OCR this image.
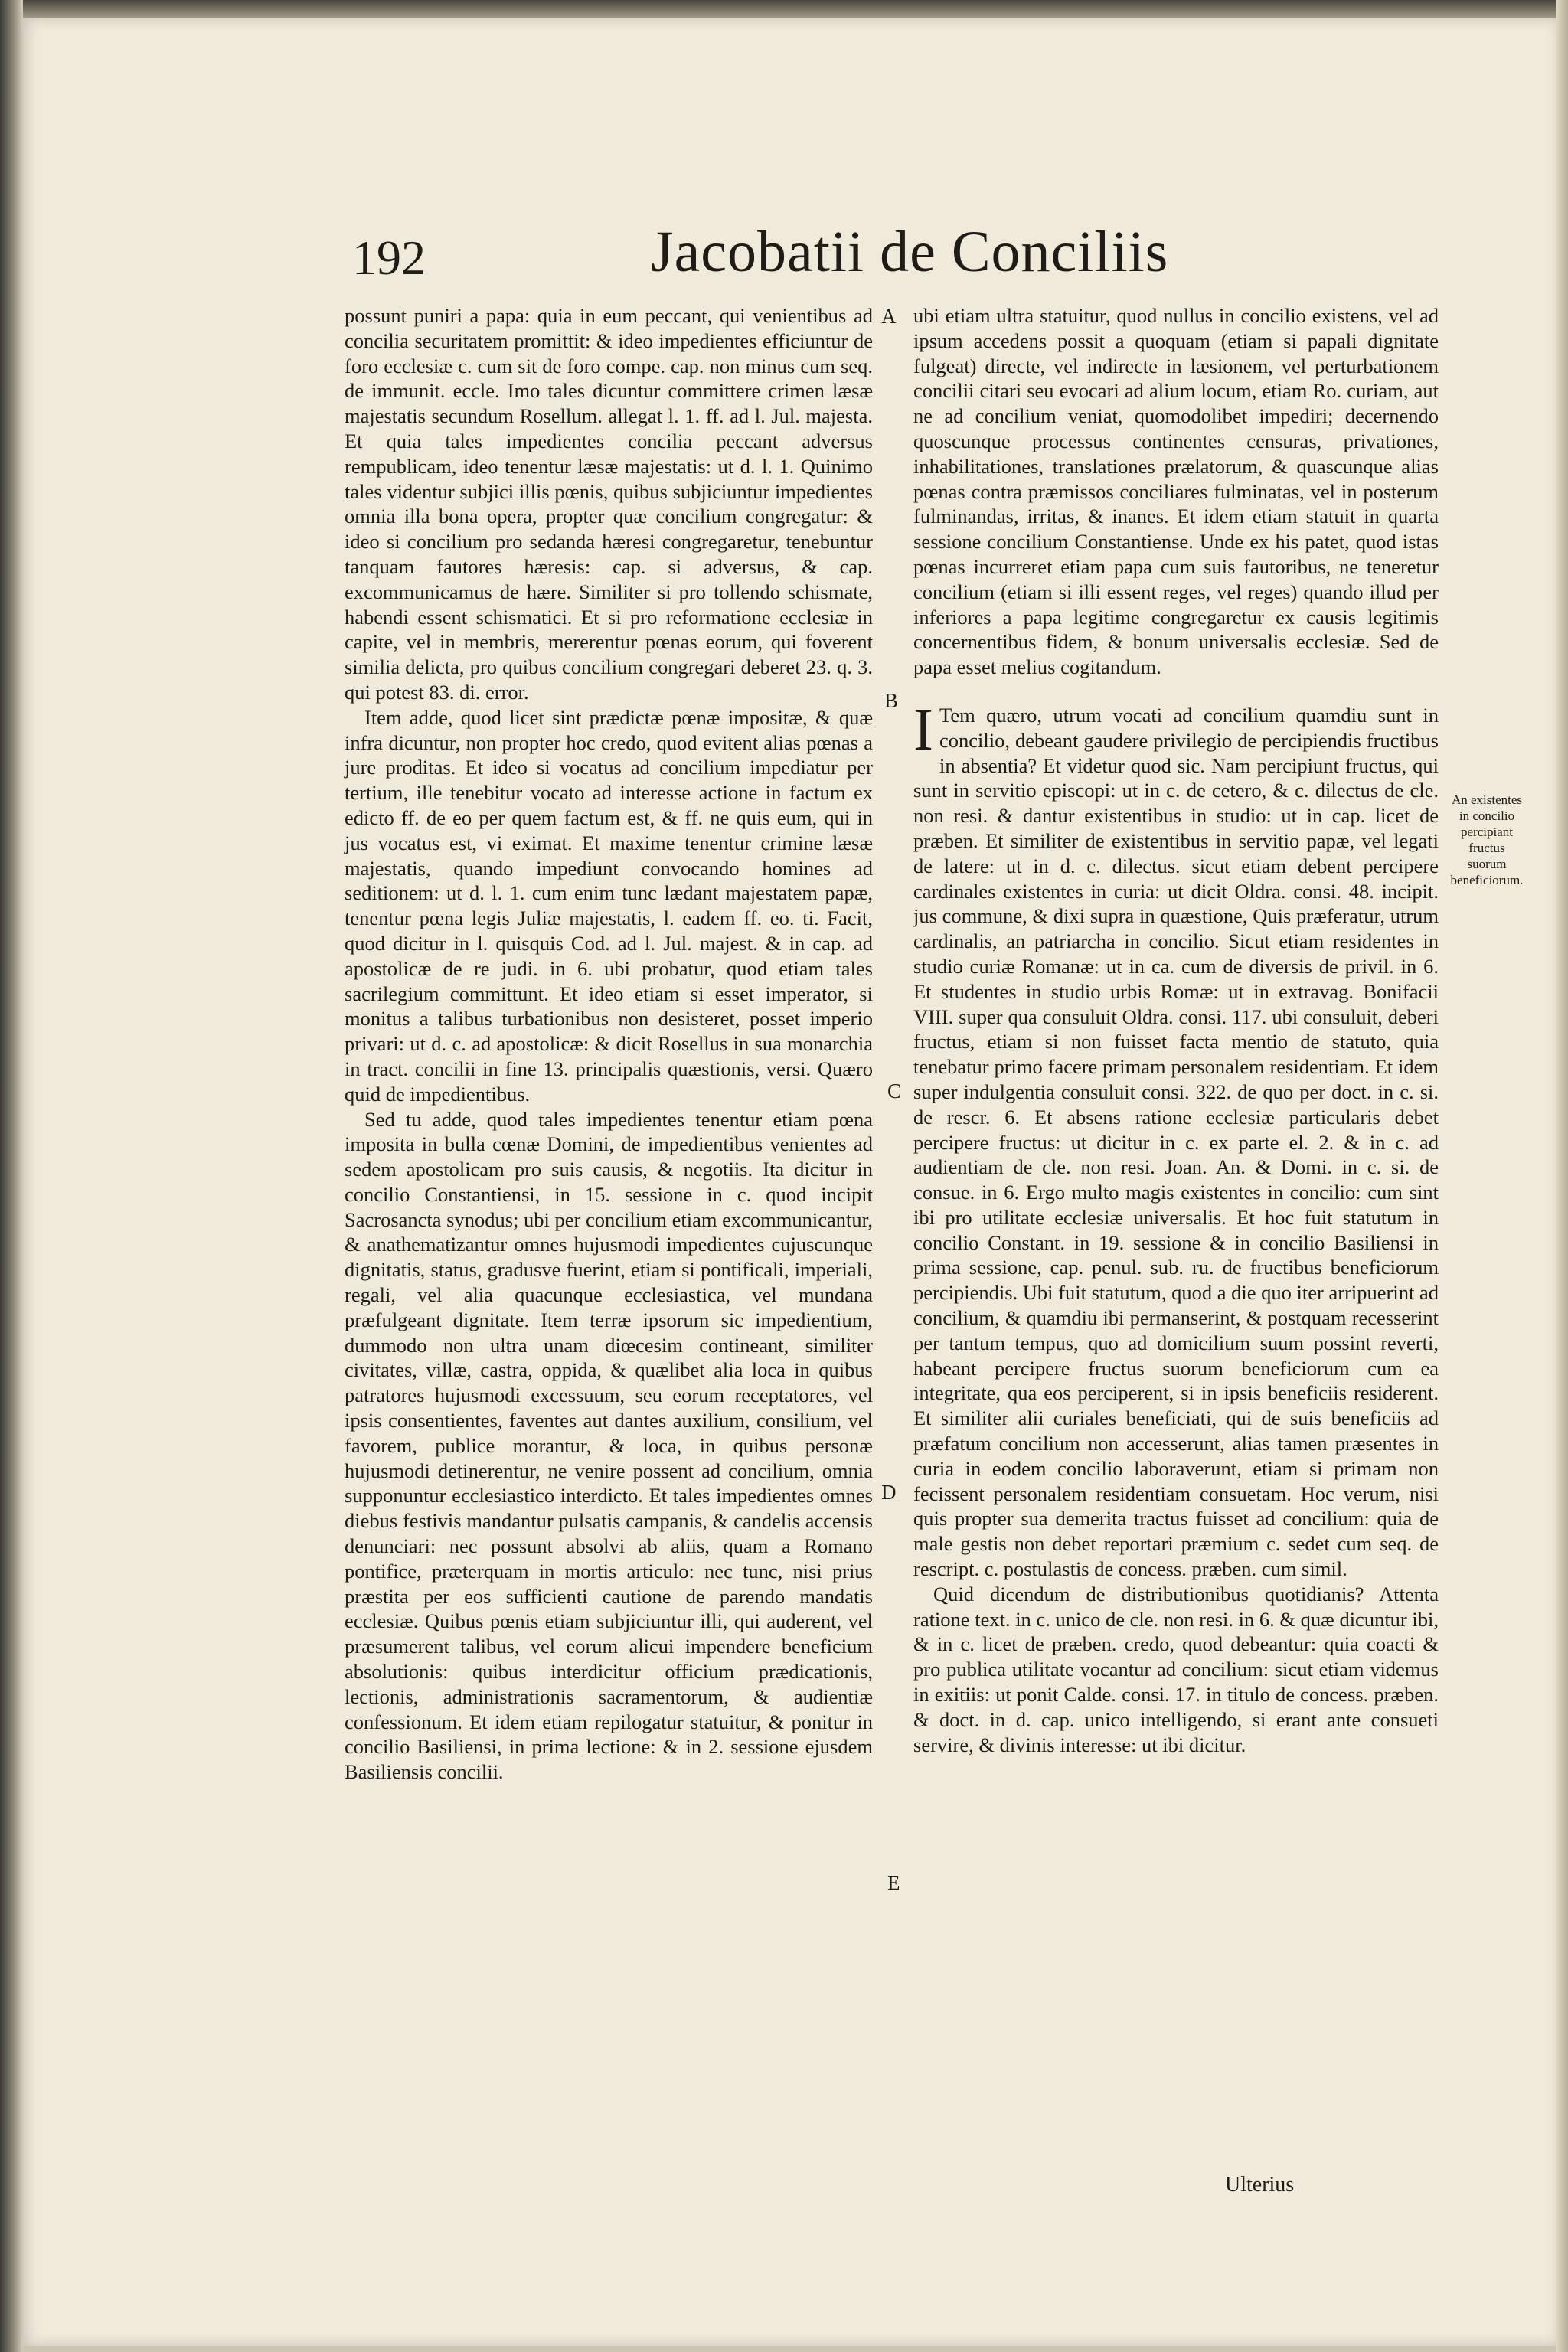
192	Jacobatii de Conciliis

possunt puniri a papa: quia in eum peccant, qui venientibus ad concilia securitatem promittit: & ideo impedientes efficiuntur de foro ecclesiæ c. cum sit de foro compe. cap. non minus cum seq. de immunit. eccle. Imo tales dicuntur committere crimen læsæ majestatis secundum Rosellum. allegat l. 1. ff. ad l. Jul. majesta. Et quia tales impedientes concilia peccant adversus rempublicam, ideo tenentur læsæ majestatis: ut d. l. 1. Quinimo tales videntur subjici illis pœnis, quibus subjiciuntur impedientes omnia illa bona opera, propter quæ concilium congregatur: & ideo si concilium pro sedanda hæresi congregaretur, tenebuntur tanquam fautores hæresis: cap. si adversus, & cap. excommunicamus de hære. Similiter si pro tollendo schismate, habendi essent schismatici. Et si pro reformatione ecclesiæ in capite, vel in membris, mererentur pœnas eorum, qui foverent similia delicta, pro quibus concilium congregari deberet 23. q. 3. qui potest 83. di. error.

Item adde, quod licet sint prædictæ pœnæ impositæ, & quæ infra dicuntur, non propter hoc credo, quod evitent alias pœnas a jure proditas. Et ideo si vocatus ad concilium impediatur per tertium, ille tenebitur vocato ad interesse actione in factum ex edicto ff. de eo per quem factum est, & ff. ne quis eum, qui in jus vocatus est, vi eximat. Et maxime tenentur crimine læsæ majestatis, quando impediunt convocando homines ad seditionem: ut d. l. 1. cum enim tunc lædant majestatem papæ, tenentur pœna legis Juliæ majestatis, l. eadem ff. eo. ti. Facit, quod dicitur in l. quisquis Cod. ad l. Jul. majest. & in cap. ad apostolicæ de re judi. in 6. ubi probatur, quod etiam tales sacrilegium committunt. Et ideo etiam si esset imperator, si monitus a talibus turbationibus non desisteret, posset imperio privari: ut d. c. ad apostolicæ: & dicit Rosellus in sua monarchia in tract. concilii in fine 13. principalis quæstionis, versi. Quæro quid de impedientibus.

Sed tu adde, quod tales impedientes tenentur etiam pœna imposita in bulla cœnæ Domini, de impedientibus venientes ad sedem apostolicam pro suis causis, & negotiis. Ita dicitur in concilio Constantiensi, in 15. sessione in c. quod incipit Sacrosancta synodus; ubi per concilium etiam excommunicantur, & anathematizantur omnes hujusmodi impedientes cujuscunque dignitatis, status, gradusve fuerint, etiam si pontificali, imperiali, regali, vel alia quacunque ecclesiastica, vel mundana præfulgeant dignitate. Item terræ ipsorum sic impedientium, dummodo non ultra unam diœcesim contineant, similiter civitates, villæ, castra, oppida, & quælibet alia loca in quibus patratores hujusmodi excessuum, seu eorum receptatores, vel ipsis consentientes, faventes aut dantes auxilium, consilium, vel favorem, publice morantur, & loca, in quibus personæ hujusmodi detinerentur, ne venire possent ad concilium, omnia supponuntur ecclesiastico interdicto. Et tales impedientes omnes diebus festivis mandantur pulsatis campanis, & candelis accensis denunciari: nec possunt absolvi ab aliis, quam a Romano pontifice, præterquam in mortis articulo: nec tunc, nisi prius præstita per eos sufficienti cautione de parendo mandatis ecclesiæ. Quibus pœnis etiam subjiciuntur illi, qui auderent, vel præsumerent talibus, vel eorum alicui impendere beneficium absolutionis: quibus interdicitur officium prædicationis, lectionis, administrationis sacramentorum, & audientiæ confessionum. Et idem etiam repilogatur statuitur, & ponitur in concilio Basiliensi, in prima lectione: & in 2. sessione ejusdem Basiliensis concilii.

A
B
C
D
E

ubi etiam ultra statuitur, quod nullus in concilio existens, vel ad ipsum accedens possit a quoquam (etiam si papali dignitate fulgeat) directe, vel indirecte in læsionem, vel perturbationem concilii citari seu evocari ad alium locum, etiam Ro. curiam, aut ne ad concilium veniat, quomodolibet impediri; decernendo quoscunque processus continentes censuras, privationes, inhabilitationes, translationes prælatorum, & quascunque alias pœnas contra præmissos conciliares fulminatas, vel in posterum fulminandas, irritas, & inanes. Et idem etiam statuit in quarta sessione concilium Constantiense. Unde ex his patet, quod istas pœnas incurreret etiam papa cum suis fautoribus, ne teneretur concilium (etiam si illi essent reges, vel reges) quando illud per inferiores a papa legitime congregaretur ex causis legitimis concernentibus fidem, & bonum universalis ecclesiæ. Sed de papa esset melius cogitandum.

I Tem quæro, utrum vocati ad concilium quamdiu sunt in concilio, debeant gaudere privilegio de percipiendis fructibus in absentia? Et videtur quod sic. Nam percipiunt fructus, qui sunt in servitio episcopi: ut in c. de cetero, & c. dilectus de cle. non resi. & dantur existentibus in studio: ut in cap. licet de præben. Et similiter de existentibus in servitio papæ, vel legati de latere: ut in d. c. dilectus. sicut etiam debent percipere cardinales existentes in curia: ut dicit Oldra. consi. 48. incipit. jus commune, & dixi supra in quæstione, Quis præferatur, utrum cardinalis, an patriarcha in concilio. Sicut etiam residentes in studio curiæ Romanæ: ut in ca. cum de diversis de privil. in 6. Et studentes in studio urbis Romæ: ut in extravag. Bonifacii VIII. super qua consuluit Oldra. consi. 117. ubi consuluit, deberi fructus, etiam si non fuisset facta mentio de statuto, quia tenebatur primo facere primam personalem residentiam. Et idem super indulgentia consuluit consi. 322. de quo per doct. in c. si. de rescr. 6. Et absens ratione ecclesiæ particularis debet percipere fructus: ut dicitur in c. ex parte el. 2. & in c. ad audientiam de cle. non resi. Joan. An. & Domi. in c. si. de consue. in 6. Ergo multo magis existentes in concilio: cum sint ibi pro utilitate ecclesiæ universalis. Et hoc fuit statutum in concilio Constant. in 19. sessione & in concilio Basiliensi in prima sessione, cap. penul. sub. ru. de fructibus beneficiorum percipiendis. Ubi fuit statutum, quod a die quo iter arripuerint ad concilium, & quamdiu ibi permanserint, & postquam recesserint per tantum tempus, quo ad domicilium suum possint reverti, habeant percipere fructus suorum beneficiorum cum ea integritate, qua eos perciperent, si in ipsis beneficiis residerent. Et similiter alii curiales beneficiati, qui de suis beneficiis ad præfatum concilium non accesserunt, alias tamen præsentes in curia in eodem concilio laboraverunt, etiam si primam non fecissent personalem residentiam consuetam. Hoc verum, nisi quis propter sua demerita tractus fuisset ad concilium: quia de male gestis non debet reportari præmium c. sedet cum seq. de rescript. c. postulastis de concess. præben. cum simil.

Quid dicendum de distributionibus quotidianis? Attenta ratione text. in c. unico de cle. non resi. in 6. & quæ dicuntur ibi, & in c. licet de præben. credo, quod debeantur: quia coacti & pro publica utilitate vocantur ad concilium: sicut etiam videmus in exitiis: ut ponit Calde. consi. 17. in titulo de concess. præben. & doct. in d. cap. unico intelligendo, si erant ante consueti servire, & divinis interesse: ut ibi dicitur.

An existentes in concilio percipiant fructus suorum beneficiorum.
Ulterius
